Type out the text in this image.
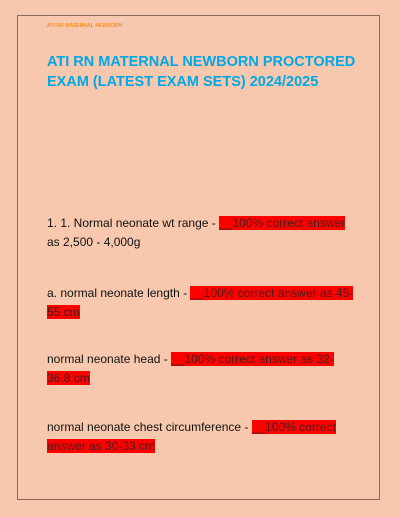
ATI RN MATERNAL NEWBORN
ATI RN MATERNAL NEWBORN PROCTORED EXAM (LATEST EXAM SETS) 2024/2025
1. 1. Normal neonate wt range - __100% correct answer as 2,500 - 4,000g
a. normal neonate length - __100% correct answer as 45-55 cm
normal neonate head - __100% correct answer as 32-36.8 cm
normal neonate chest circumference - __100% correct answer as 30-33 cm
